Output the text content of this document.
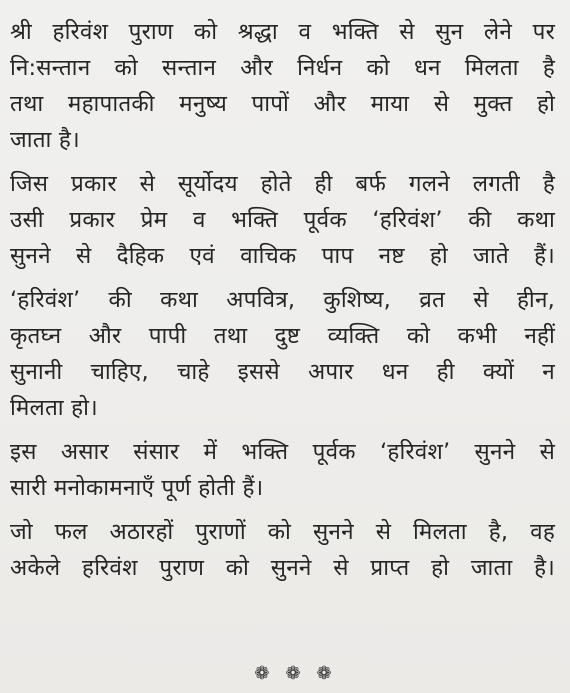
श्री हरिवंश पुराण को श्रद्धा व भक्ति से सुन लेने पर
नि:सन्तान को सन्तान और निर्धन को धन मिलता है
तथा महापातकी मनुष्य पापों और माया से मुक्त हो
जाता है।
जिस प्रकार से सूर्योदय होते ही बर्फ गलने लगती है
उसी प्रकार प्रेम व भक्ति पूर्वक ‘हरिवंश’ की कथा
सुनने से दैहिक एवं वाचिक पाप नष्ट हो जाते हैं।
‘हरिवंश’ की कथा अपवित्र, कुशिष्य, व्रत से हीन,
कृतघ्न और पापी तथा दुष्ट व्यक्ति को कभी नहीं
सुनानी चाहिए, चाहे इससे अपार धन ही क्यों न
मिलता हो।
इस असार संसार में भक्ति पूर्वक ‘हरिवंश’ सुनने से
सारी मनोकामनाएँ पूर्ण होती हैं।
जो फल अठारहों पुराणों को सुनने से मिलता है, वह
अकेले हरिवंश पुराण को सुनने से प्राप्त हो जाता है।
❁❁❁
